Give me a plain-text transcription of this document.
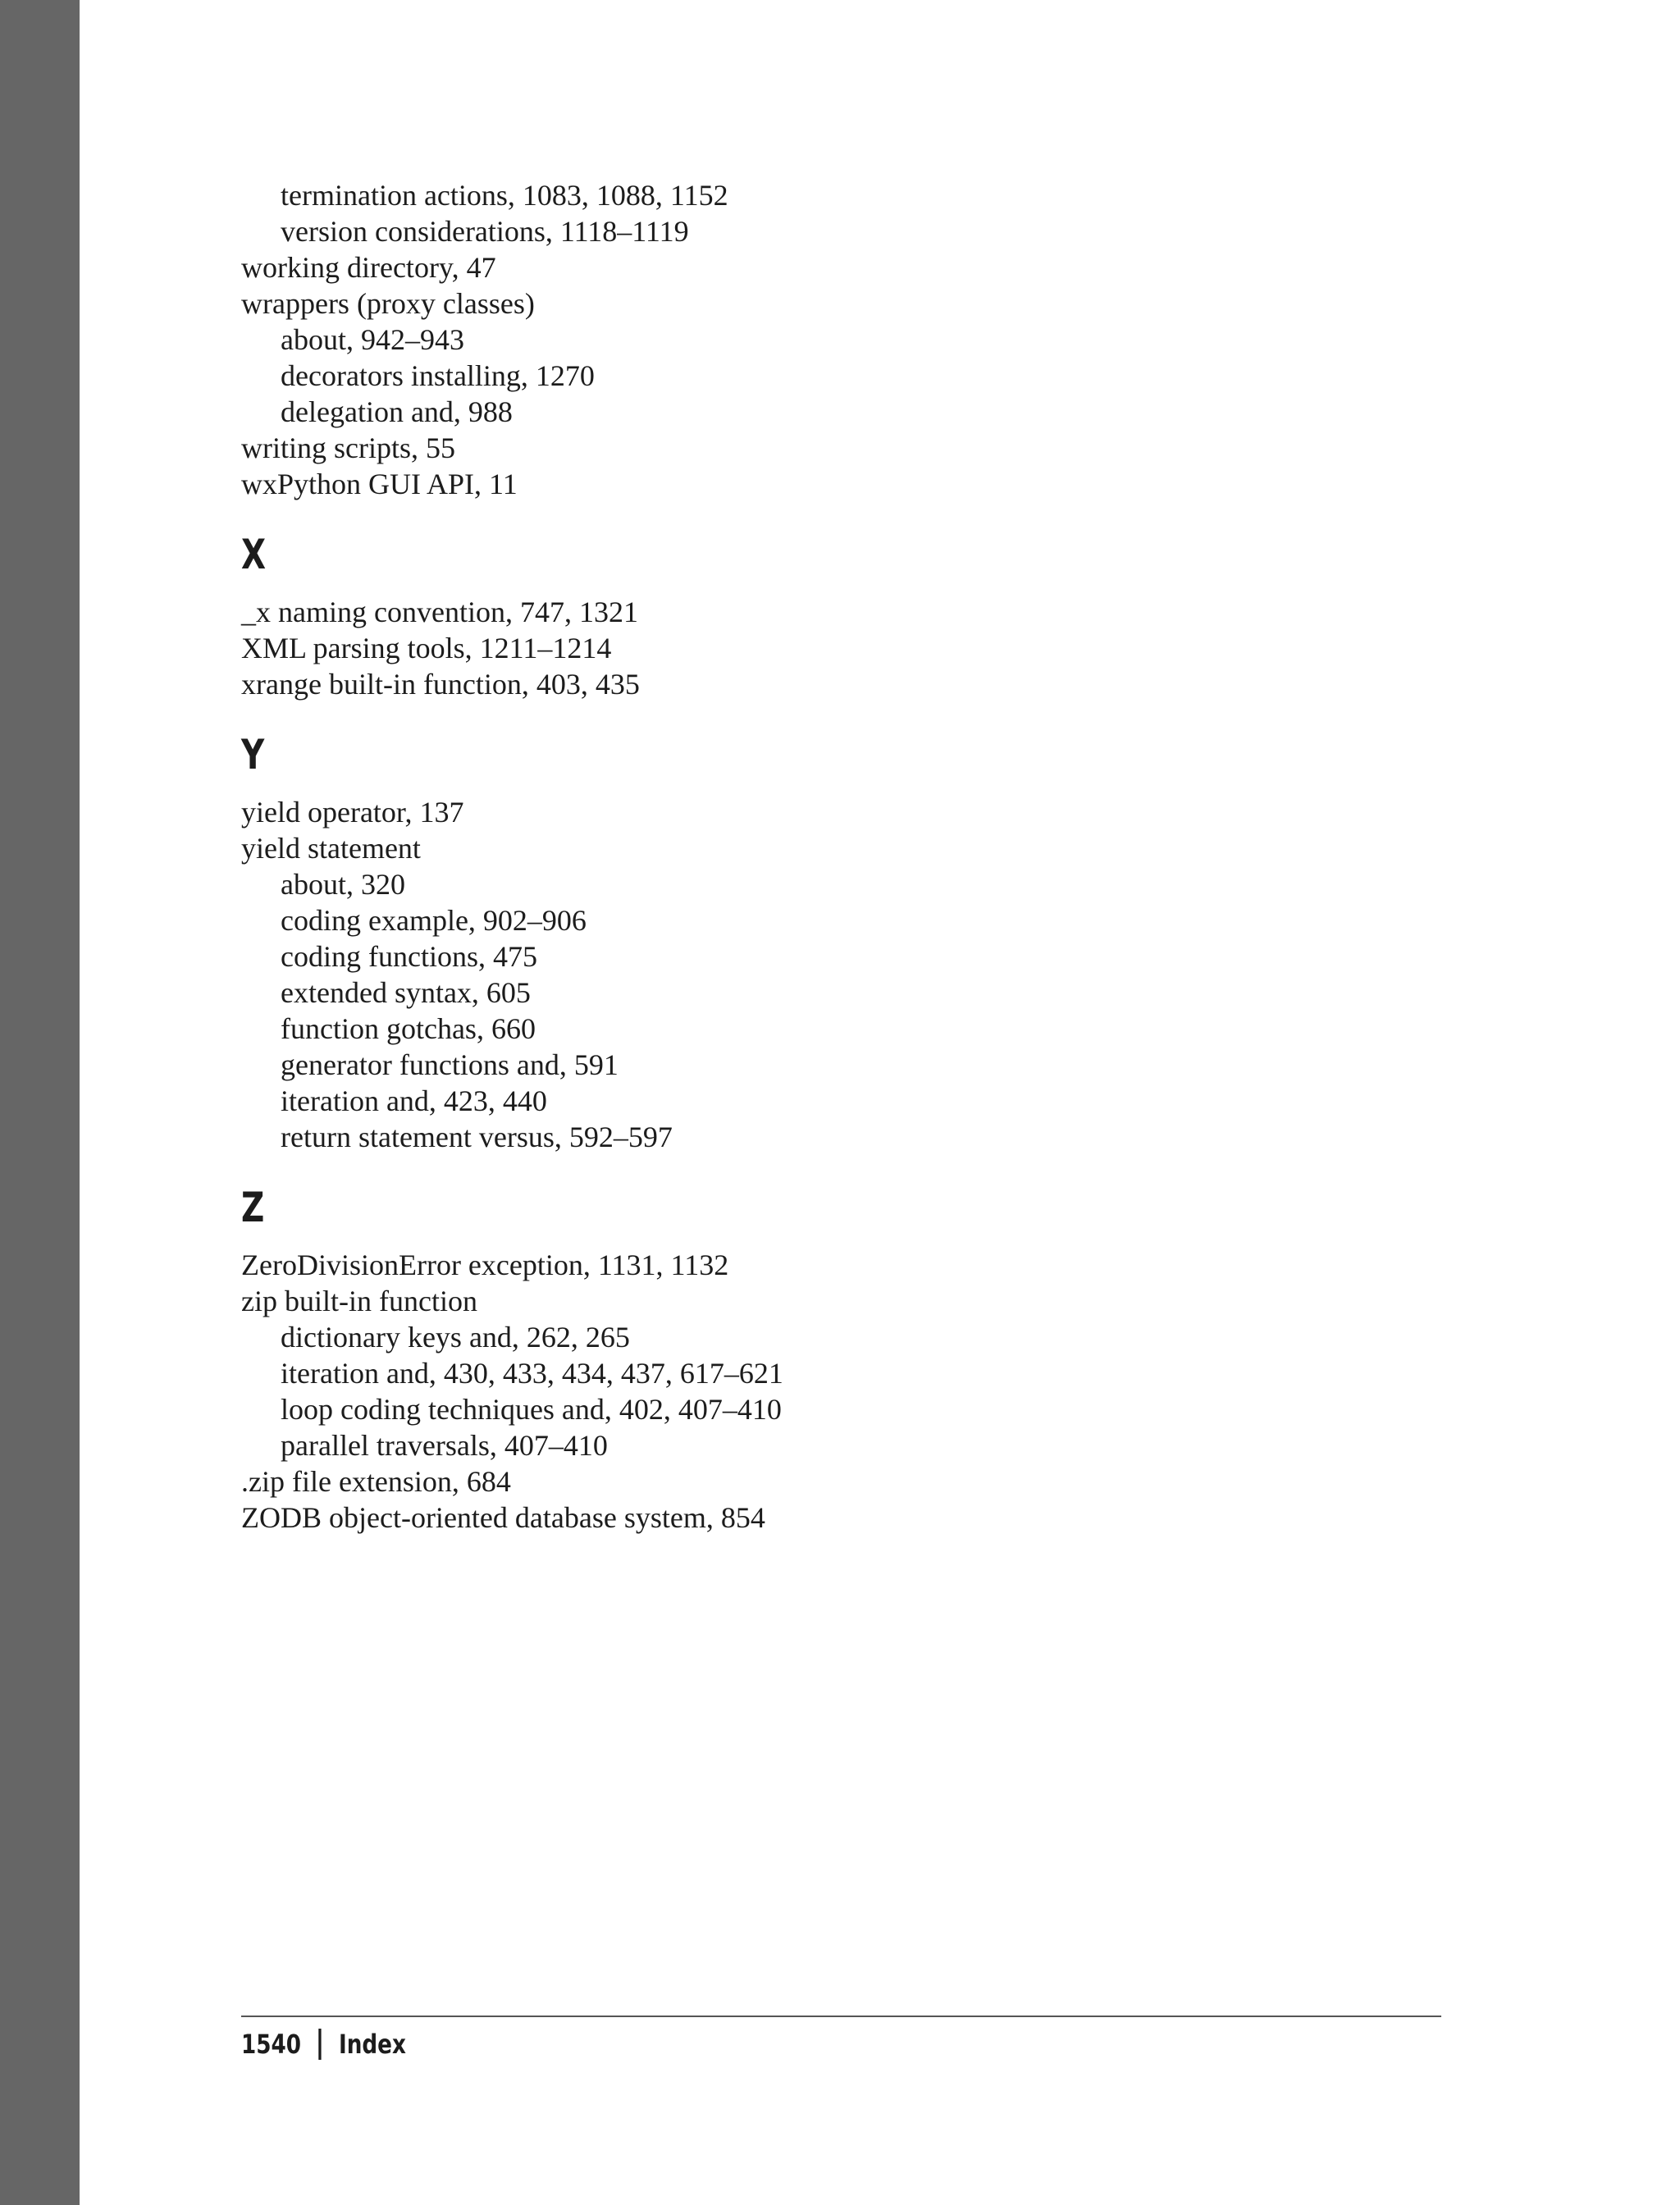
termination actions, 1083, 1088, 1152
version considerations, 1118–1119
working directory, 47
wrappers (proxy classes)
about, 942–943
decorators installing, 1270
delegation and, 988
writing scripts, 55
wxPython GUI API, 11
X
_x naming convention, 747, 1321
XML parsing tools, 1211–1214
xrange built-in function, 403, 435
Y
yield operator, 137
yield statement
about, 320
coding example, 902–906
coding functions, 475
extended syntax, 605
function gotchas, 660
generator functions and, 591
iteration and, 423, 440
return statement versus, 592–597
Z
ZeroDivisionError exception, 1131, 1132
zip built-in function
dictionary keys and, 262, 265
iteration and, 430, 433, 434, 437, 617–621
loop coding techniques and, 402, 407–410
parallel traversals, 407–410
.zip file extension, 684
ZODB object-oriented database system, 854
1540 Index
